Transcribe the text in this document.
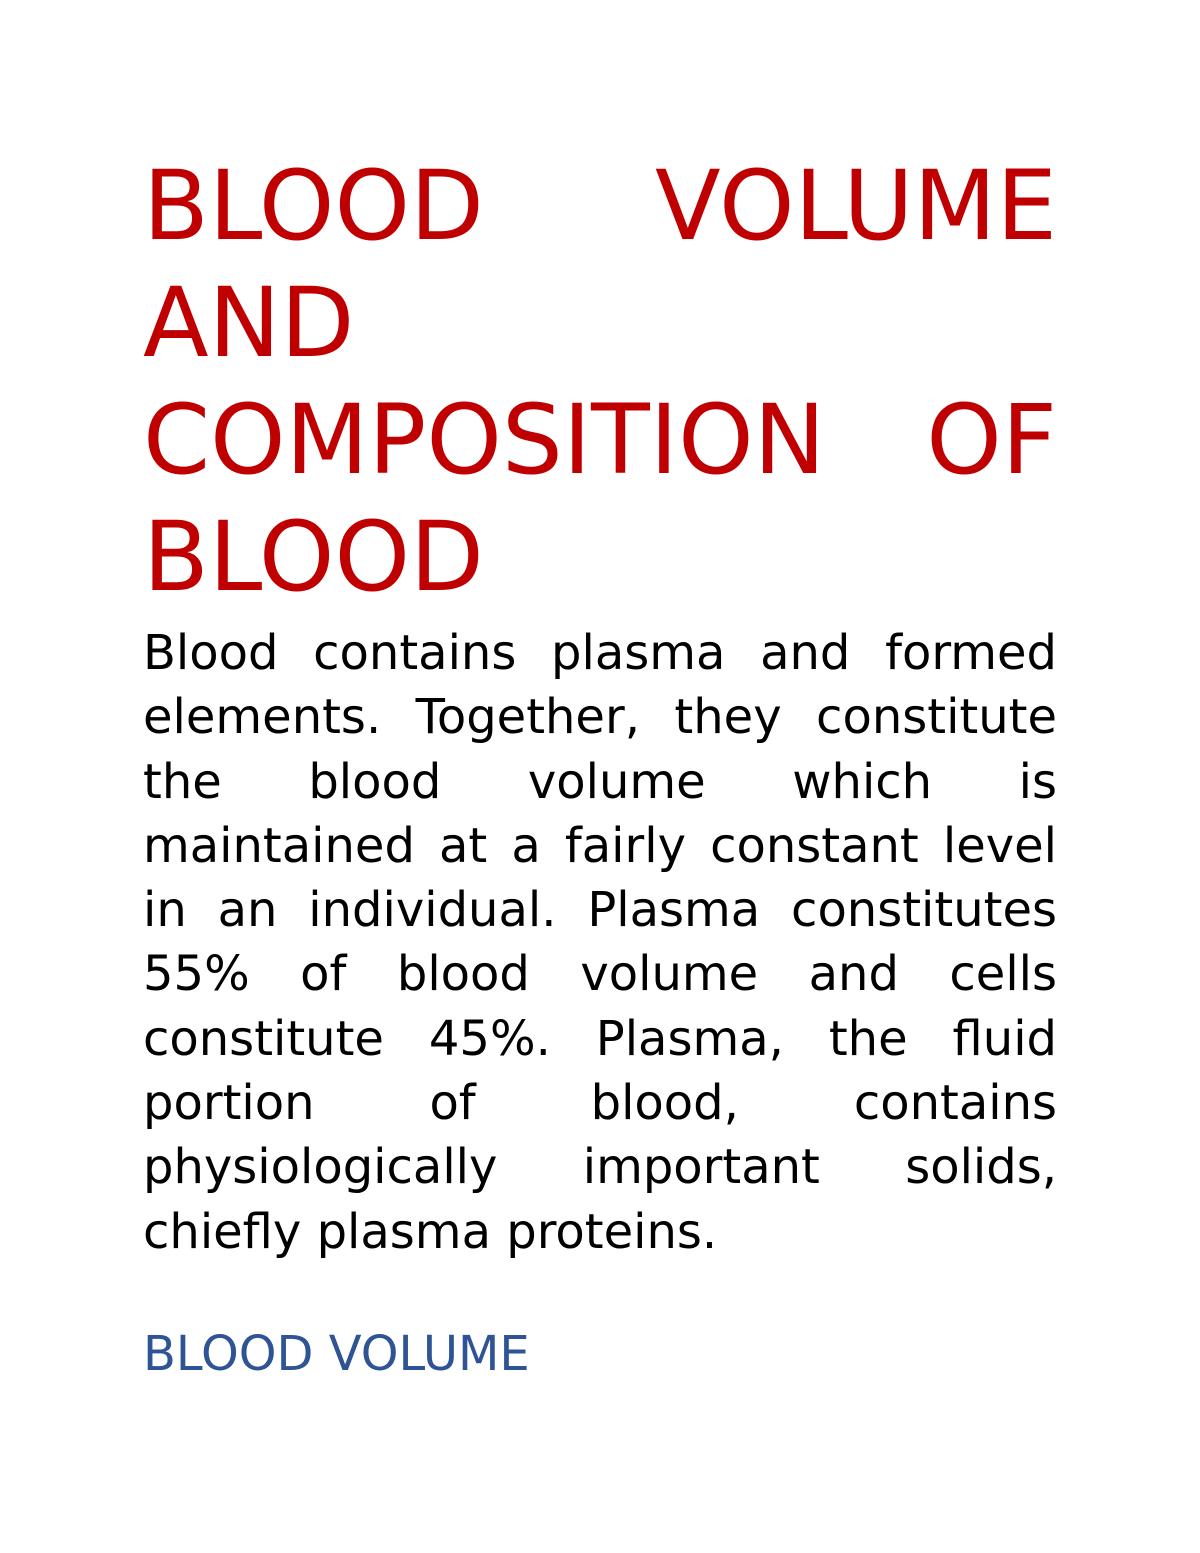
BLOOD VOLUME AND COMPOSITION OF BLOOD

Blood contains plasma and formed elements. Together, they constitute the blood volume which is maintained at a fairly constant level in an individual. Plasma constitutes 55% of blood volume and cells constitute 45%. Plasma, the fluid portion of blood, contains physiologically important solids, chiefly plasma proteins.

BLOOD VOLUME
